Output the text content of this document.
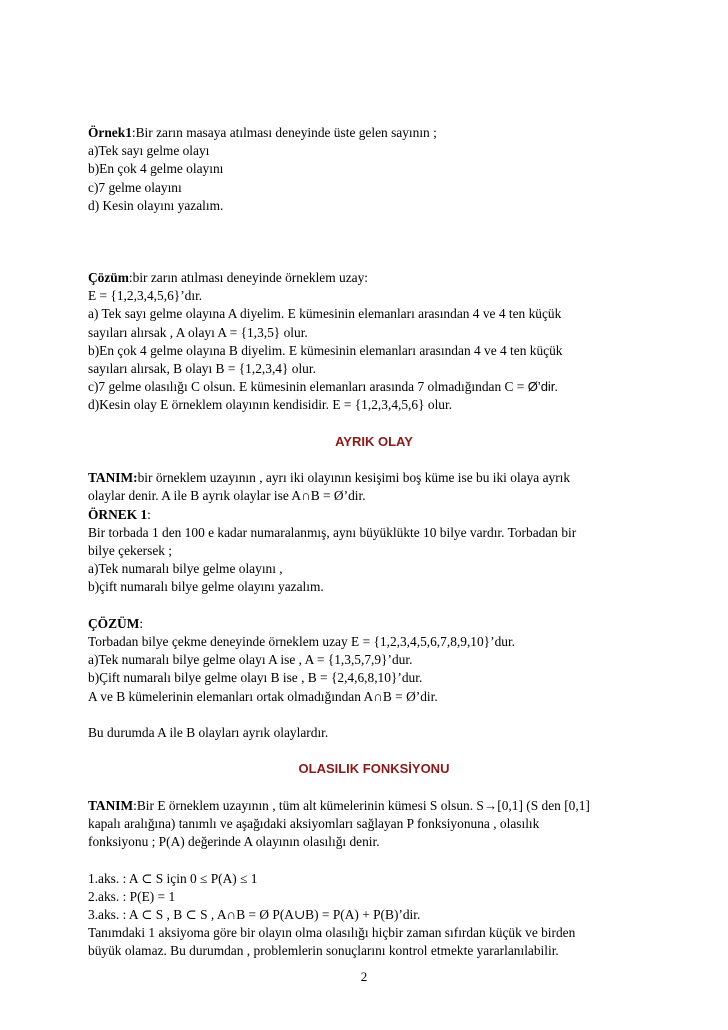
Örnek1:Bir zarın masaya atılması deneyinde üste gelen sayının ;
a)Tek sayı gelme olayı
b)En çok 4 gelme olayını
c)7 gelme olayını
d) Kesin olayını yazalım.
Çözüm:bir zarın atılması deneyinde örneklem uzay:
E = {1,2,3,4,5,6}’dır.
a) Tek sayı gelme olayına A diyelim. E kümesinin elemanları arasından 4 ve 4 ten küçük
sayıları alırsak , A olayı A = {1,3,5} olur.
b)En çok 4 gelme olayına B diyelim. E kümesinin elemanları arasından 4 ve 4 ten küçük
sayıları alırsak, B olayı B = {1,2,3,4} olur.
c)7 gelme olasılığı C olsun. E kümesinin elemanları arasında 7 olmadığından C = Ø’dir.
d)Kesin olay E örneklem olayının kendisidir. E = {1,2,3,4,5,6} olur.
AYRIK OLAY
TANIM:bir örneklem uzayının , ayrı iki olayının kesişimi boş küme ise bu iki olaya ayrık
olaylar denir. A ile B ayrık olaylar ise A∩B = Ø’dir.
ÖRNEK 1:
Bir torbada 1 den 100 e kadar numaralanmış, aynı büyüklükte 10 bilye vardır. Torbadan bir
bilye çekersek ;
a)Tek numaralı bilye gelme olayını ,
b)çift numaralı bilye gelme olayını yazalım.
ÇÖZÜM:
Torbadan bilye çekme deneyinde örneklem uzay E = {1,2,3,4,5,6,7,8,9,10}’dur.
a)Tek numaralı bilye gelme olayı A ise , A = {1,3,5,7,9}’dur.
b)Çift numaralı bilye gelme olayı B ise , B = {2,4,6,8,10}’dur.
A ve B kümelerinin elemanları ortak olmadığından A∩B = Ø’dir.
Bu durumda A ile B olayları ayrık olaylardır.
OLASILIK FONKSİYONU
TANIM:Bir E örneklem uzayının , tüm alt kümelerinin kümesi S olsun. S→[0,1] (S den [0,1]
kapalı aralığına) tanımlı ve aşağıdaki aksiyomları sağlayan P fonksiyonuna , olasılık
fonksiyonu ; P(A) değerinde A olayının olasılığı denir.
1.aks. : A ⊂ S için 0 ≤ P(A) ≤ 1
2.aks. : P(E) = 1
3.aks. : A ⊂ S , B ⊂ S , A∩B = Ø P(A∪B) = P(A) + P(B)’dir.
Tanımdaki 1 aksiyoma göre bir olayın olma olasılığı hiçbir zaman sıfırdan küçük ve birden
büyük olamaz. Bu durumdan , problemlerin sonuçlarını kontrol etmekte yararlanılabilir.
2
